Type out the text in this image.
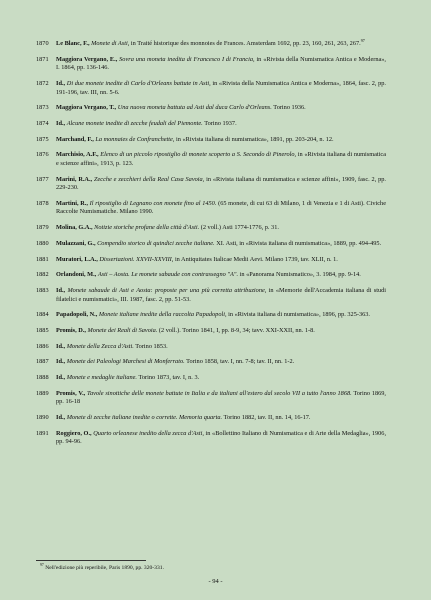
1870	Le Blanc, F., Monete di Asti, in Traité historique des monnoies de Frances. Amsterdam 1692, pp. 23, 160, 261, 263, 267.97
1871	Maggiora Vergano, E., Sovra una moneta inedita di Francesco I di Francia, in «Rivista della Numismatica Antica e Moderna», I. 1864, pp. 136-146.
1872	Id., Di due monete inedite di Carlo d'Orleans battute in Asti, in «Rivista della Numismatica Antica e Moderna», 1864, fasc. 2, pp. 191-196, tav. III, nn. 5-6.
1873	Maggiora Vergano, T., Una nuova moneta battuta ad Asti dal duca Carlo d'Orleans. Torino 1936.
1874	Id., Alcune monete inedite di zecche feudali del Piemonte. Torino 1937.
1875	Marchand, F., La monnaies de Confranchette, in «Rivista italiana di numismatica», 1891, pp. 203-204, n. 12.
1876	Marchisio, A.F., Elenco di un piccolo ripostiglio di monete scoperto a S. Secondo di Pinerolo, in «Rivista italiana di numismatica e scienze affini», 1913, p. 123.
1877	Marini, R.A., Zecche e zecchieri della Real Casa Savoia, in «Rivista italiana di numismatica e scienze affini», 1909, fasc. 2, pp. 229-230.
1878	Martini, R., Il ripostiglio di Legnano con monete fino al 1450. (65 monete, di cui 63 di Milano, 1 di Venezia e 1 di Asti). Civiche Raccolte Numismatiche. Milano 1990.
1879	Molina, G.A., Notizie storiche profane della città d'Asti. (2 voll.) Asti 1774-1776, p. 31.
1880	Mulazzani, G., Compendio storico di quindici zecche italiane. XI. Asti, in «Rivista italiana di numismatica», 1889, pp. 494-495.
1881	Muratori, L.A., Dissertazioni. XXVII-XXVIII, in Antiquitates Italicae Medii Aevi. Milano 1739, tav. XLII, n. 1.
1882	Orlandoni, M., Asti – Aosta. Le monete sabaude con contrassegno "A". in «Panorama Numismatico», 3. 1984, pp. 9-14.
1883	Id., Monete sabaude di Asti e Aosta: proposte per una più corretta attribuzione, in «Memorie dell'Accademia italiana di studi filatelici e numismatici», III. 1987, fasc. 2, pp. 51-53.
1884	Papadopoli, N., Monete italiane inedite della raccolta Papadopoli, in «Rivista italiana di numismatica», 1896, pp. 325-363.
1885	Promis, D., Monete dei Reali di Savoia. (2 voll.). Torino 1841, I, pp. 8-9, 34; tavv. XXI-XXII, nn. 1-8.
1886	Id., Monete della Zecca d'Asti. Torino 1853.
1887	Id., Monete dei Paleologi Marchesi di Monferrato. Torino 1858, tav. I, nn. 7-8; tav. II, nn. 1-2.
1888	Id., Monete e medaglie italiane. Torino 1873, tav. I, n. 3.
1889	Promis, V., Tavole sinottiche delle monete battute in Italia e da italiani all'estero dal secolo VII a tutto l'anno 1868. Torino 1869, pp. 16-18
1890	Id., Monete di zecche italiane inedite o corrette. Memoria quarta. Torino 1882, tav. II, nn. 14, 16-17.
1891	Roggiero, O., Quarto orleanese inedito della zecca d'Asti, in «Bollettino Italiano di Numismatica e di Arte della Medaglia», 1906, pp. 94-96.
$^{97}$ Nell'edizione più reperibile, Paris 1890, pp. 320-331.
- 94 -
